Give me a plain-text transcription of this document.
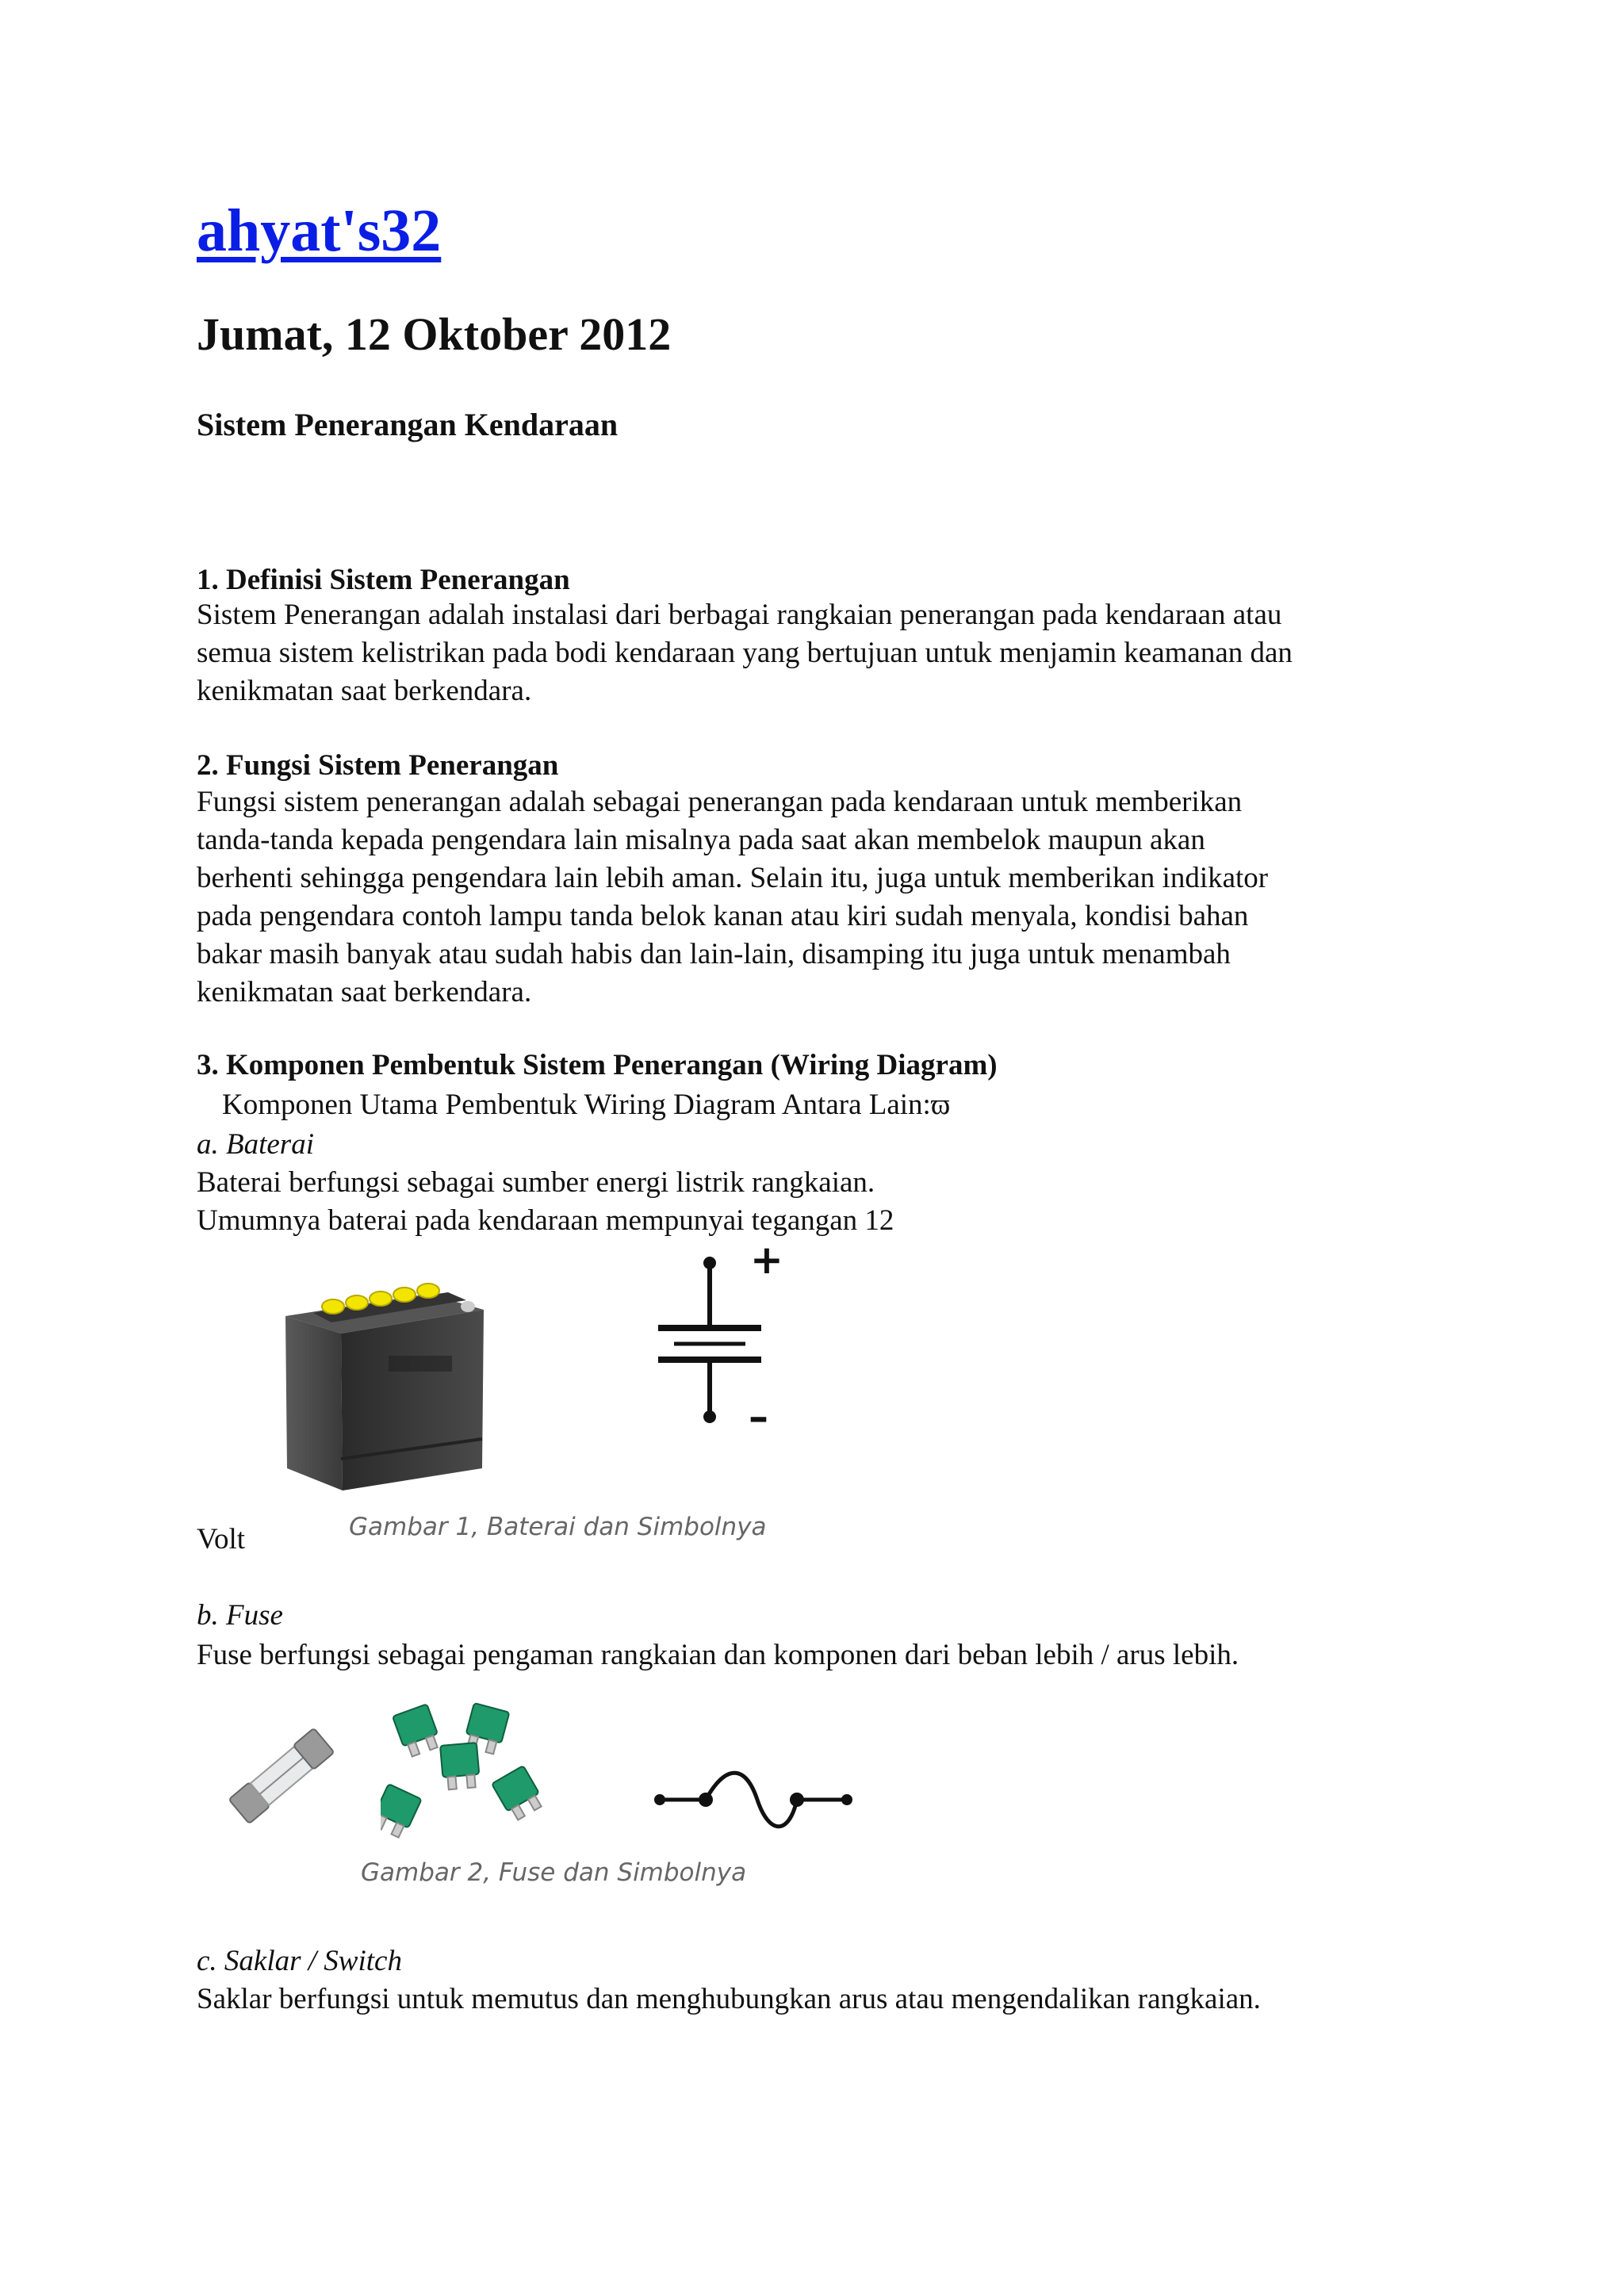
ahyat's32
Jumat, 12 Oktober 2012
Sistem Penerangan Kendaraan
1. Definisi Sistem Penerangan
Sistem Penerangan adalah instalasi dari berbagai rangkaian penerangan pada kendaraan atau
semua sistem kelistrikan pada bodi kendaraan yang bertujuan untuk menjamin keamanan dan
kenikmatan saat berkendara.
2. Fungsi Sistem Penerangan
Fungsi sistem penerangan adalah sebagai penerangan pada kendaraan untuk memberikan
tanda-tanda kepada pengendara lain misalnya pada saat akan membelok maupun akan
berhenti sehingga pengendara lain lebih aman. Selain itu, juga untuk memberikan indikator
pada pengendara contoh lampu tanda belok kanan atau kiri sudah menyala, kondisi bahan
bakar masih banyak atau sudah habis dan lain-lain, disamping itu juga untuk menambah
kenikmatan saat berkendara.
3. Komponen Pembentuk Sistem Penerangan (Wiring Diagram)
Komponen Utama Pembentuk Wiring Diagram Antara Lain:ϖ
a. Baterai
Baterai berfungsi sebagai sumber energi listrik rangkaian.
Umumnya baterai pada kendaraan mempunyai tegangan 12
+
–
Volt	Gambar 1, Baterai dan Simbolnya
b. Fuse
Fuse berfungsi sebagai pengaman rangkaian dan komponen dari beban lebih / arus lebih.
Gambar 2, Fuse dan Simbolnya
c. Saklar / Switch
Saklar berfungsi untuk memutus dan menghubungkan arus atau mengendalikan rangkaian.
